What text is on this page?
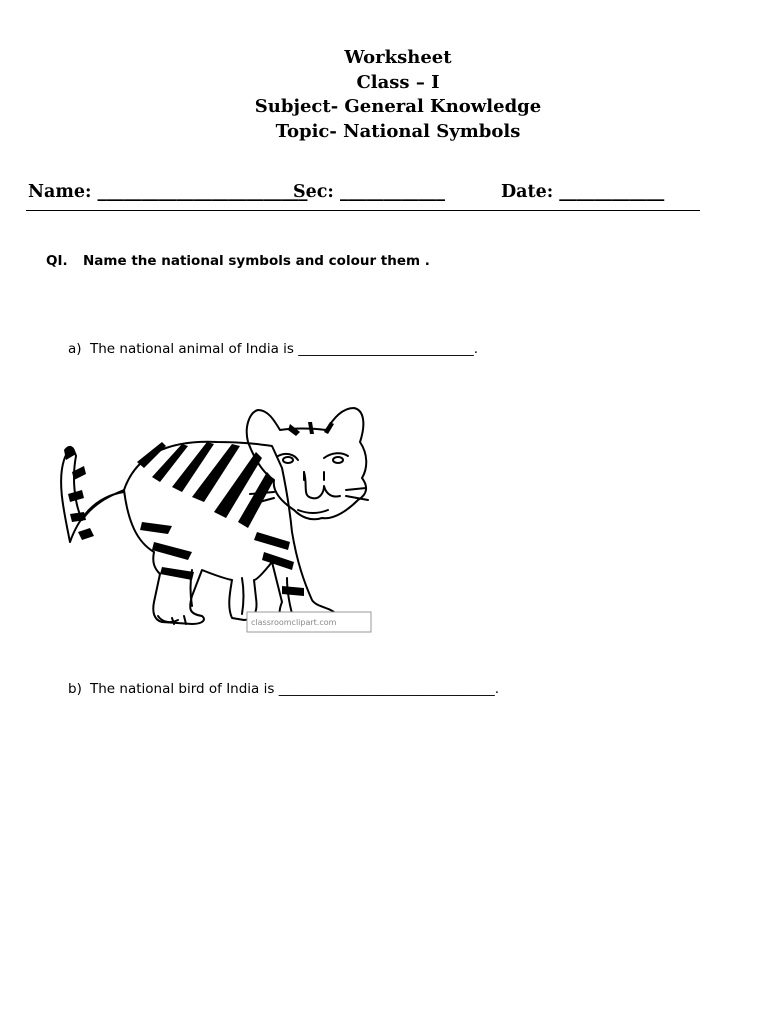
Worksheet
Class – I
Subject- General Knowledge
Topic- National Symbols
Name: ________________________
Sec: ____________	Date: ____________
QI. Name the national symbols and colour them .
a) The national animal of India is __________________________.
classroomclipart.com
b) The national bird of India is ________________________________.
